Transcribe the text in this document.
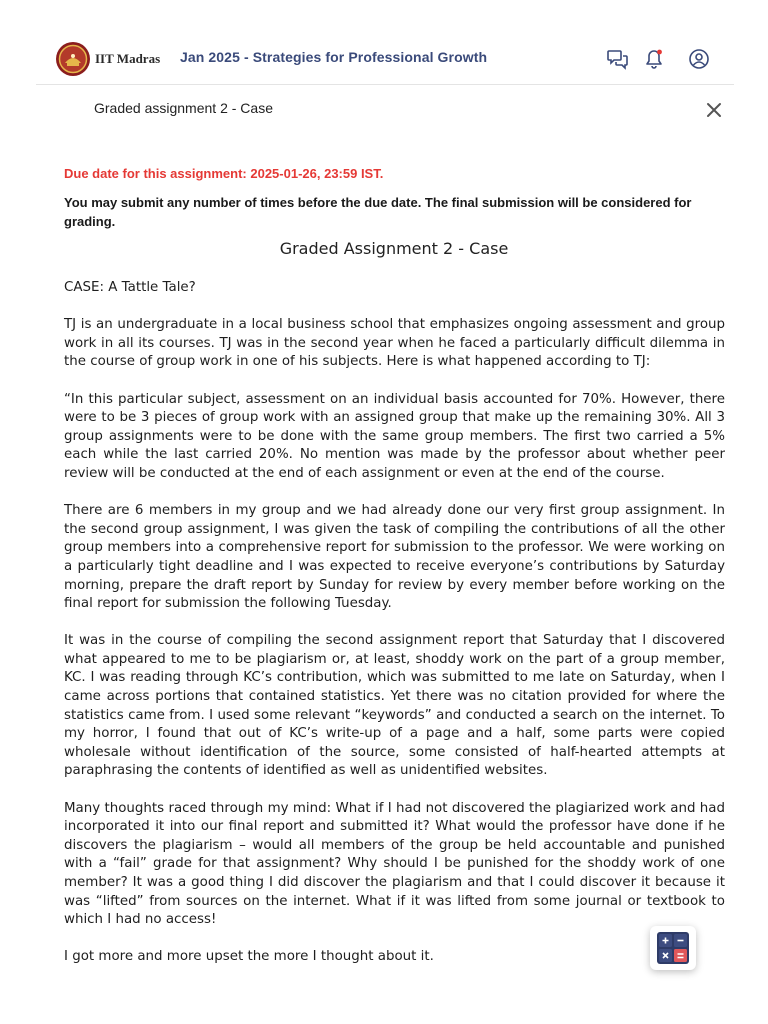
IIT Madras Jan 2025 - Strategies for Professional Growth
Graded assignment 2 - Case
Due date for this assignment: 2025-01-26, 23:59 IST.
You may submit any number of times before the due date. The final submission will be considered for grading.
Graded Assignment 2 - Case

CASE: A Tattle Tale?

TJ is an undergraduate in a local business school that emphasizes ongoing assessment and group work in all its courses. TJ was in the second year when he faced a particularly difficult dilemma in the course of group work in one of his subjects. Here is what happened according to TJ:

“In this particular subject, assessment on an individual basis accounted for 70%. However, there were to be 3 pieces of group work with an assigned group that make up the remaining 30%. All 3 group assignments were to be done with the same group members. The first two carried a 5% each while the last carried 20%. No mention was made by the professor about whether peer review will be conducted at the end of each assignment or even at the end of the course.

There are 6 members in my group and we had already done our very first group assignment. In the second group assignment, I was given the task of compiling the contributions of all the other group members into a comprehensive report for submission to the professor. We were working on a particularly tight deadline and I was expected to receive everyone’s contributions by Saturday morning, prepare the draft report by Sunday for review by every member before working on the final report for submission the following Tuesday.

It was in the course of compiling the second assignment report that Saturday that I discovered what appeared to me to be plagiarism or, at least, shoddy work on the part of a group member, KC. I was reading through KC’s contribution, which was submitted to me late on Saturday, when I came across portions that contained statistics. Yet there was no citation provided for where the statistics came from. I used some relevant “keywords” and conducted a search on the internet. To my horror, I found that out of KC’s write-up of a page and a half, some parts were copied wholesale without identification of the source, some consisted of half-hearted attempts at paraphrasing the contents of identified as well as unidentified websites.

Many thoughts raced through my mind: What if I had not discovered the plagiarized work and had incorporated it into our final report and submitted it? What would the professor have done if he discovers the plagiarism – would all members of the group be held accountable and punished with a “fail” grade for that assignment? Why should I be punished for the shoddy work of one member? It was a good thing I did discover the plagiarism and that I could discover it because it was “lifted” from sources on the internet. What if it was lifted from some journal or textbook to which I had no access!

I got more and more upset the more I thought about it.
